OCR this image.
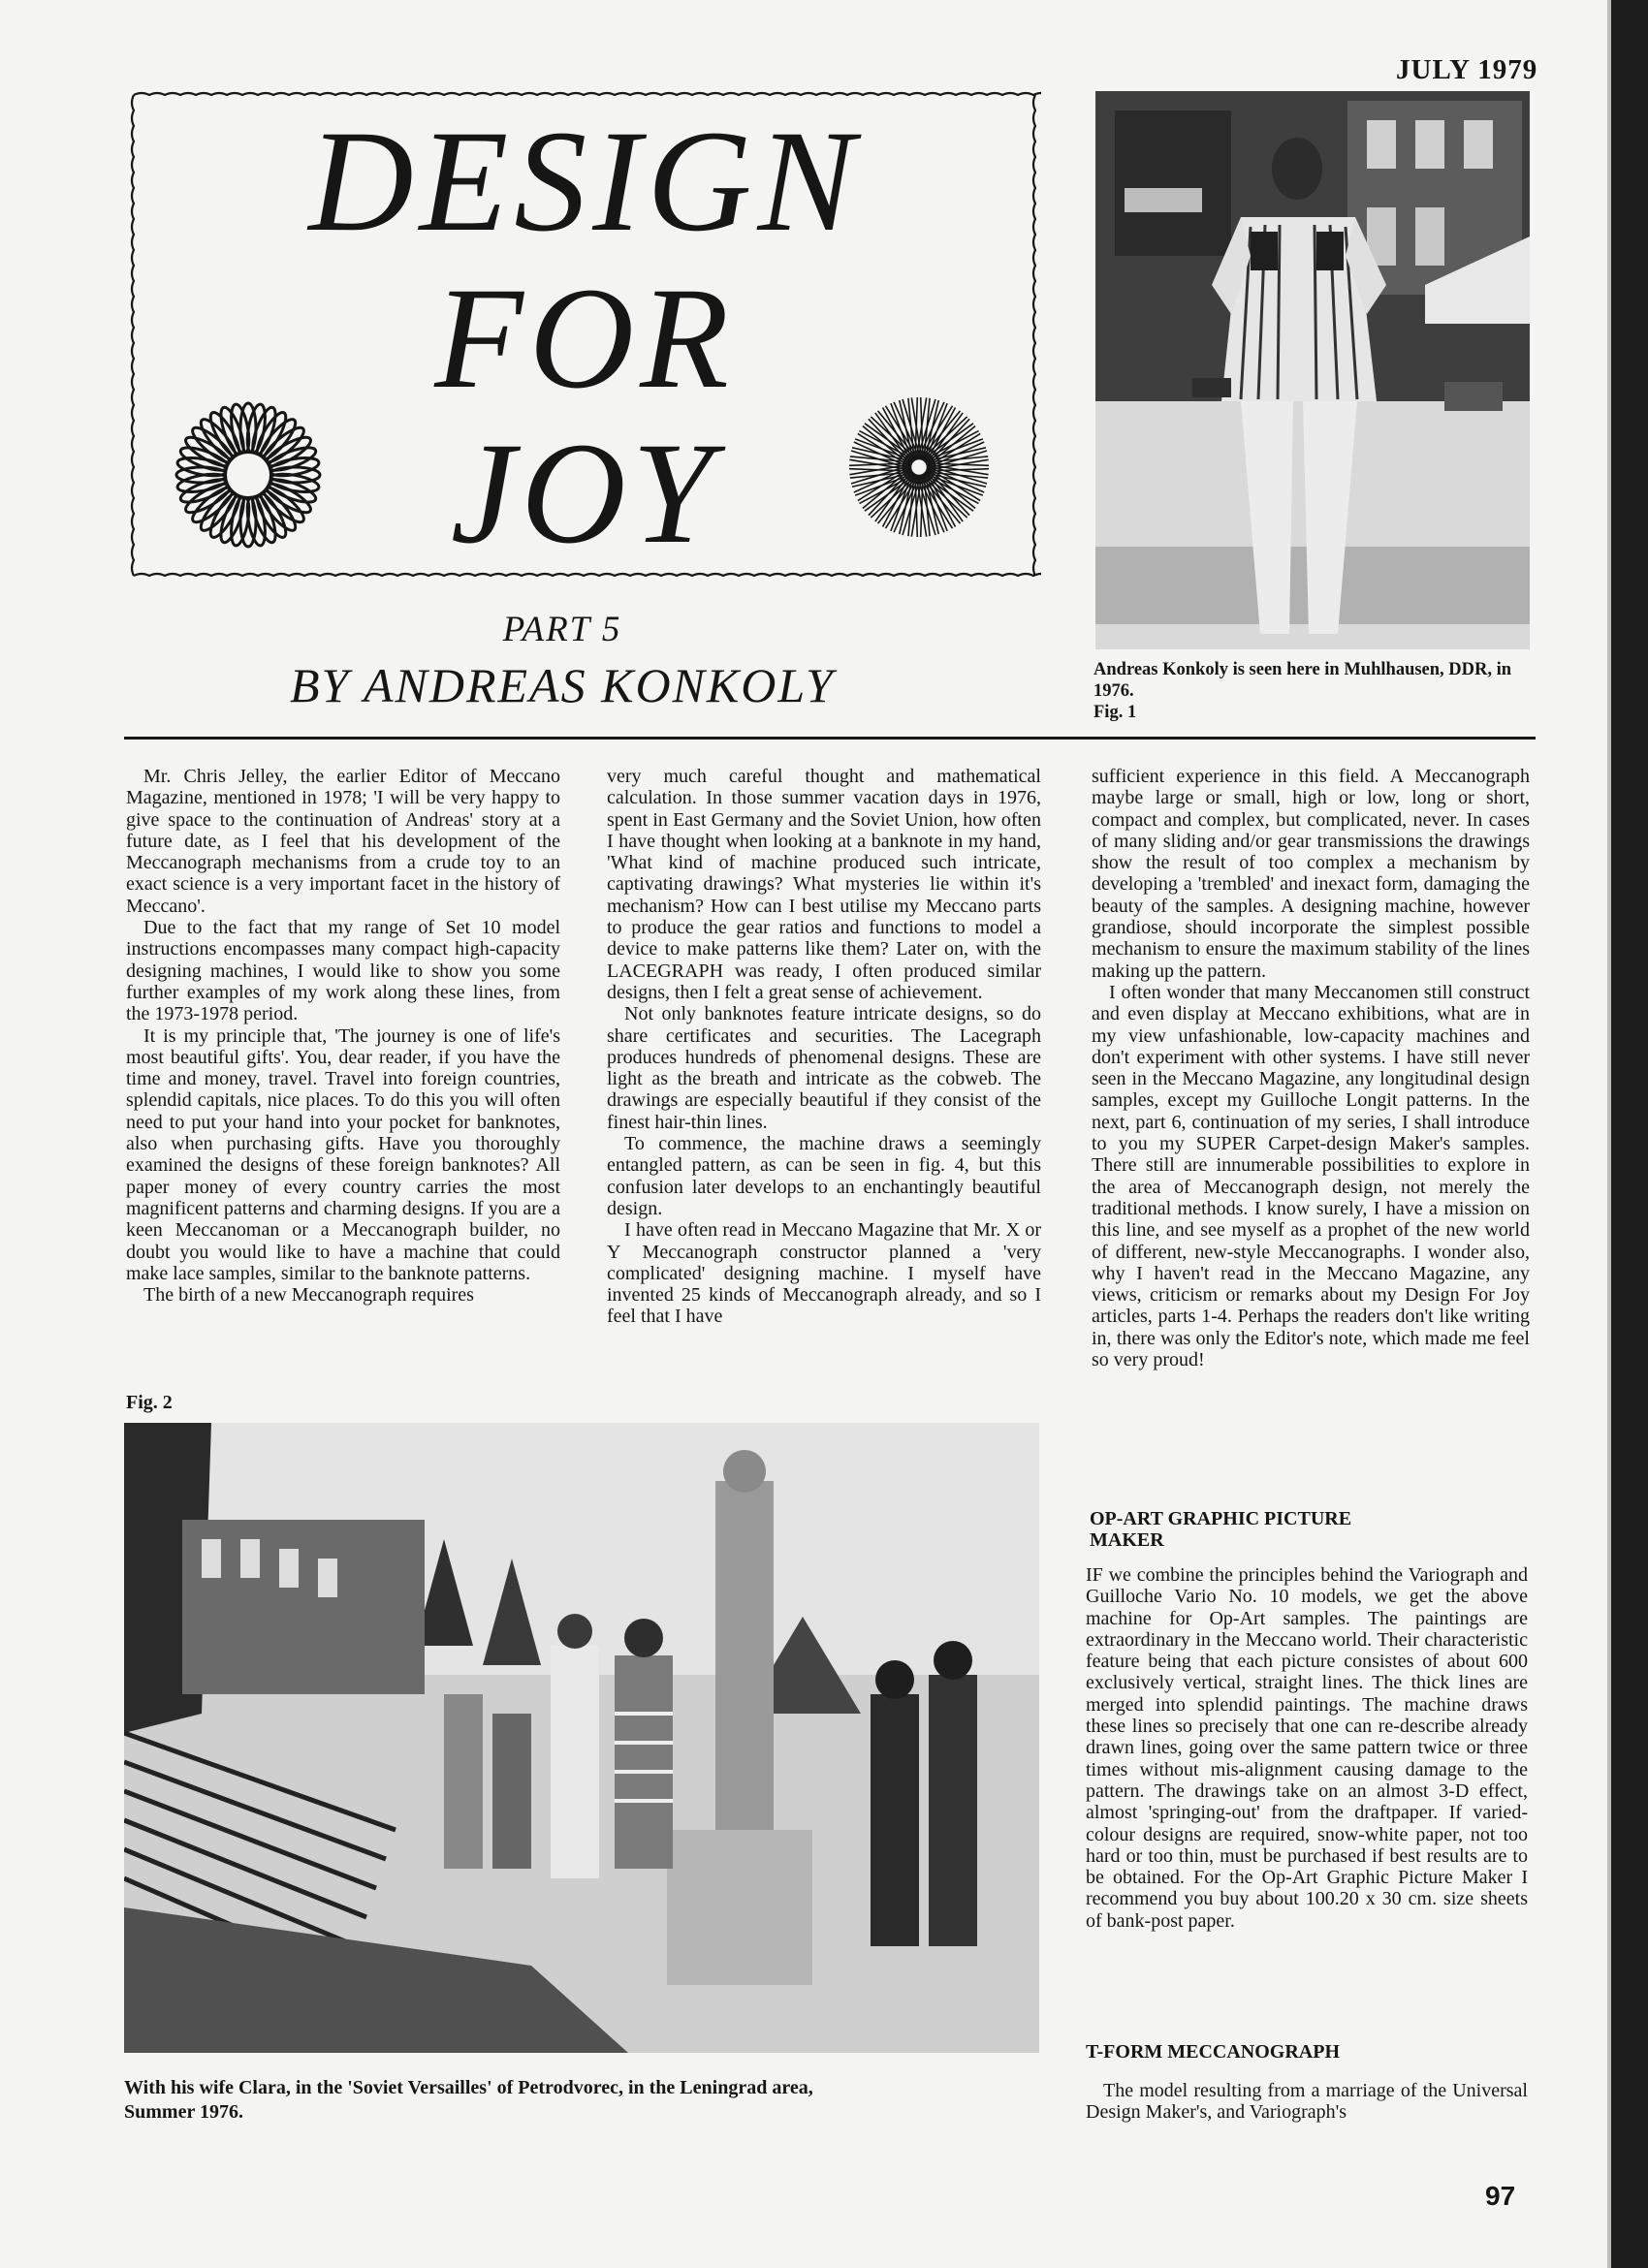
JULY 1979
DESIGN
FOR
JOY
PART 5
BY ANDREAS KONKOLY	Andreas Konkoly is seen here in Muhlhausen, DDR, in 1976.
Fig. 1

Mr. Chris Jelley, the earlier Editor of Meccano Magazine, mentioned in 1978; 'I will be very happy to give space to the continuation of Andreas' story at a future date, as I feel that his development of the Meccanograph mechanisms from a crude toy to an exact science is a very important facet in the history of Meccano'.

Due to the fact that my range of Set 10 model instructions encompasses many compact high-capacity designing machines, I would like to show you some further examples of my work along these lines, from the 1973-1978 period.

It is my principle that, 'The journey is one of life's most beautiful gifts'. You, dear reader, if you have the time and money, travel. Travel into foreign countries, splendid capitals, nice places. To do this you will often need to put your hand into your pocket for banknotes, also when purchasing gifts. Have you thoroughly examined the designs of these foreign banknotes? All paper money of every country carries the most magnificent patterns and charming designs. If you are a keen Meccanoman or a Meccanograph builder, no doubt you would like to have a machine that could make lace samples, similar to the banknote patterns.

The birth of a new Meccanograph requires

very much careful thought and mathematical calculation. In those summer vacation days in 1976, spent in East Germany and the Soviet Union, how often I have thought when looking at a banknote in my hand, 'What kind of machine produced such intricate, captivating drawings? What mysteries lie within it's mechanism? How can I best utilise my Meccano parts to produce the gear ratios and functions to model a device to make patterns like them? Later on, with the LACEGRAPH was ready, I often produced similar designs, then I felt a great sense of achievement.

Not only banknotes feature intricate designs, so do share certificates and securities. The Lacegraph produces hundreds of phenomenal designs. These are light as the breath and intricate as the cobweb. The drawings are especially beautiful if they consist of the finest hair-thin lines.

To commence, the machine draws a seemingly entangled pattern, as can be seen in fig. 4, but this confusion later develops to an enchantingly beautiful design.

I have often read in Meccano Magazine that Mr. X or Y Meccanograph constructor planned a 'very complicated' designing machine. I myself have invented 25 kinds of Meccanograph already, and so I feel that I have

sufficient experience in this field. A Meccanograph maybe large or small, high or low, long or short, compact and complex, but complicated, never. In cases of many sliding and/or gear transmissions the drawings show the result of too complex a mechanism by developing a 'trembled' and inexact form, damaging the beauty of the samples. A designing machine, however grandiose, should incorporate the simplest possible mechanism to ensure the maximum stability of the lines making up the pattern.

I often wonder that many Meccanomen still construct and even display at Meccano exhibitions, what are in my view unfashionable, low-capacity machines and don't experiment with other systems. I have still never seen in the Meccano Magazine, any longitudinal design samples, except my Guilloche Longit patterns. In the next, part 6, continuation of my series, I shall introduce to you my SUPER Carpet-design Maker's samples. There still are innumerable possibilities to explore in the area of Meccanograph design, not merely the traditional methods. I know surely, I have a mission on this line, and see myself as a prophet of the new world of different, new-style Meccanographs. I wonder also, why I haven't read in the Meccano Magazine, any views, criticism or remarks about my Design For Joy articles, parts 1-4. Perhaps the readers don't like writing in, there was only the Editor's note, which made me feel so very proud!

OP-ART GRAPHIC PICTURE MAKER

IF we combine the principles behind the Variograph and Guilloche Vario No. 10 models, we get the above machine for Op-Art samples. The paintings are extraordinary in the Meccano world. Their characteristic feature being that each picture consistes of about 600 exclusively vertical, straight lines. The thick lines are merged into splendid paintings. The machine draws these lines so precisely that one can re-describe already drawn lines, going over the same pattern twice or three times without mis-alignment causing damage to the pattern. The drawings take on an almost 3-D effect, almost 'springing-out' from the draftpaper. If varied-colour designs are required, snow-white paper, not too hard or too thin, must be purchased if best results are to be obtained. For the Op-Art Graphic Picture Maker I recommend you buy about 100.20 x 30 cm. size sheets of bank-post paper.

T-FORM MECCANOGRAPH

The model resulting from a marriage of the Universal Design Maker's, and Variograph's

Fig. 2
With his wife Clara, in the 'Soviet Versailles' of Petrodvorec, in the Leningrad area, Summer 1976.
97
